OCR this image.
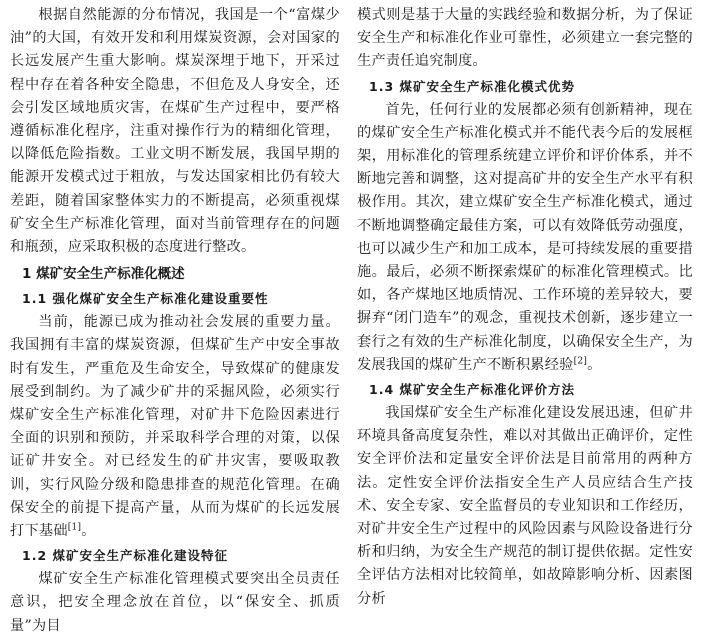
根据自然能源的分布情况，我国是一个“富煤少油”的大国，有效开发和利用煤炭资源，会对国家的长远发展产生重大影响。煤炭深埋于地下，开采过程中存在着各种安全隐患，不但危及人身安全，还会引发区域地质灾害，在煤矿生产过程中，要严格遵循标准化程序，注重对操作行为的精细化管理，以降低危险指数。工业文明不断发展，我国早期的能源开发模式过于粗放，与发达国家相比仍有较大差距，随着国家整体实力的不断提高，必须重视煤矿安全生产标准化管理，面对当前管理存在的问题和瓶颈，应采取积极的态度进行整改。

1 煤矿安全生产标准化概述
1.1 强化煤矿安全生产标准化建设重要性

当前，能源已成为推动社会发展的重要力量。我国拥有丰富的煤炭资源，但煤矿生产中安全事故时有发生，严重危及生命安全，导致煤矿的健康发展受到制约。为了减少矿井的采掘风险，必须实行煤矿安全生产标准化管理，对矿井下危险因素进行全面的识别和预防，并采取科学合理的对策，以保证矿井安全。对已经发生的矿井灾害，要吸取教训，实行风险分级和隐患排查的规范化管理。在确保安全的前提下提高产量，从而为煤矿的长远发展打下基础[1]。

1.2 煤矿安全生产标准化建设特征

煤矿安全生产标准化管理模式要突出全员责任意识，把安全理念放在首位，以“保安全、抓质量”为目

模式则是基于大量的实践经验和数据分析，为了保证安全生产和标准化作业可靠性，必须建立一套完整的生产责任追究制度。

1.3 煤矿安全生产标准化模式优势

首先，任何行业的发展都必须有创新精神，现在的煤矿安全生产标准化模式并不能代表今后的发展框架，用标准化的管理系统建立评价和评价体系，并不断地完善和调整，这对提高矿井的安全生产水平有积极作用。其次，建立煤矿安全生产标准化模式，通过不断地调整确定最佳方案，可以有效降低劳动强度，也可以减少生产和加工成本，是可持续发展的重要措施。最后，必须不断探索煤矿的标准化管理模式。比如，各产煤地区地质情况、工作环境的差异较大，要摒弃“闭门造车”的观念，重视技术创新，逐步建立一套行之有效的生产标准化制度，以确保安全生产，为发展我国的煤矿生产不断积累经验[2]。

1.4 煤矿安全生产标准化评价方法

我国煤矿安全生产标准化建设发展迅速，但矿井环境具备高度复杂性，难以对其做出正确评价，定性安全评价法和定量安全评价法是目前常用的两种方法。定性安全评价法指安全生产人员应结合生产技术、安全专家、安全监督员的专业知识和工作经历，对矿井安全生产过程中的风险因素与风险设备进行分析和归纳，为安全生产规范的制订提供依据。定性安全评估方法相对比较简单，如故障影响分析、因素图分析
